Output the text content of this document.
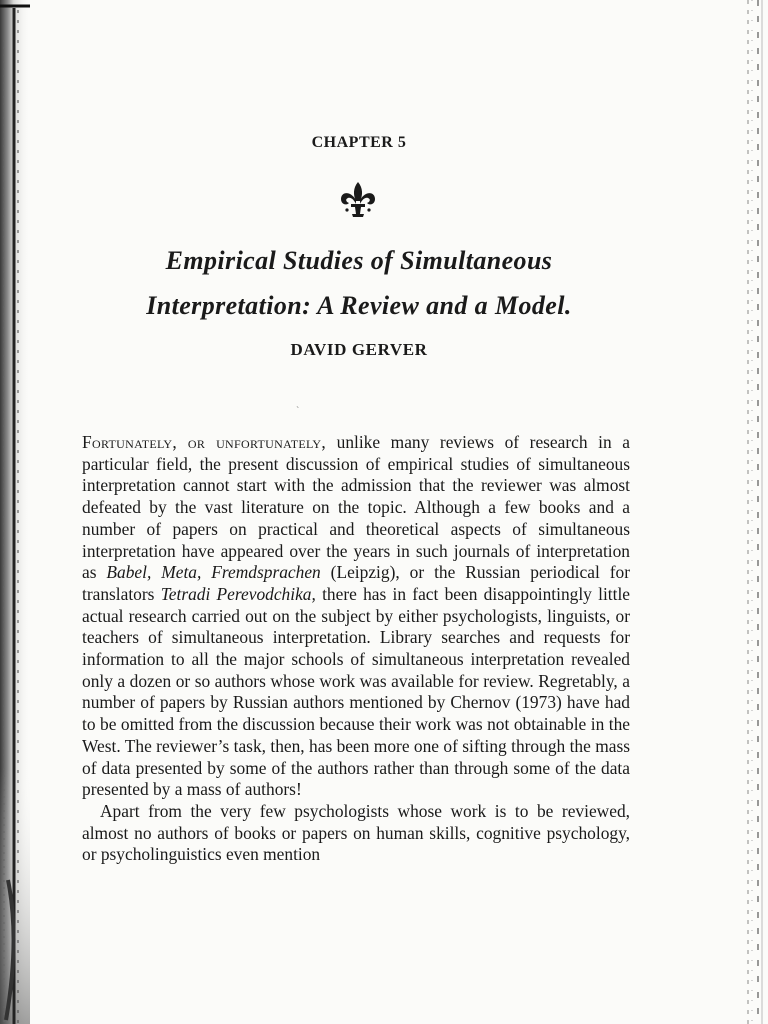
CHAPTER 5
Empirical Studies of Simultaneous
Interpretation: A Review and a Model.
DAVID GERVER
ˋ

Fortunately, or unfortunately, unlike many reviews of research in a particular field, the present discussion of empirical studies of simultaneous interpretation cannot start with the admission that the reviewer was almost defeated by the vast literature on the topic. Although a few books and a number of papers on practical and theoretical aspects of simultaneous interpretation have appeared over the years in such journals of interpretation as Babel, Meta, Fremdsprachen (Leipzig), or the Russian periodical for translators Tetradi Perevodchika, there has in fact been disappointingly little actual research carried out on the subject by either psychologists, linguists, or teachers of simultaneous interpretation. Library searches and requests for information to all the major schools of simultaneous interpretation revealed only a dozen or so authors whose work was available for review. Regretably, a number of papers by Russian authors mentioned by Chernov (1973) have had to be omitted from the discussion because their work was not obtainable in the West. The reviewer’s task, then, has been more one of sifting through the mass of data presented by some of the authors rather than through some of the data presented by a mass of authors!

Apart from the very few psychologists whose work is to be reviewed, almost no authors of books or papers on human skills, cognitive psychology, or psycholinguistics even mention
